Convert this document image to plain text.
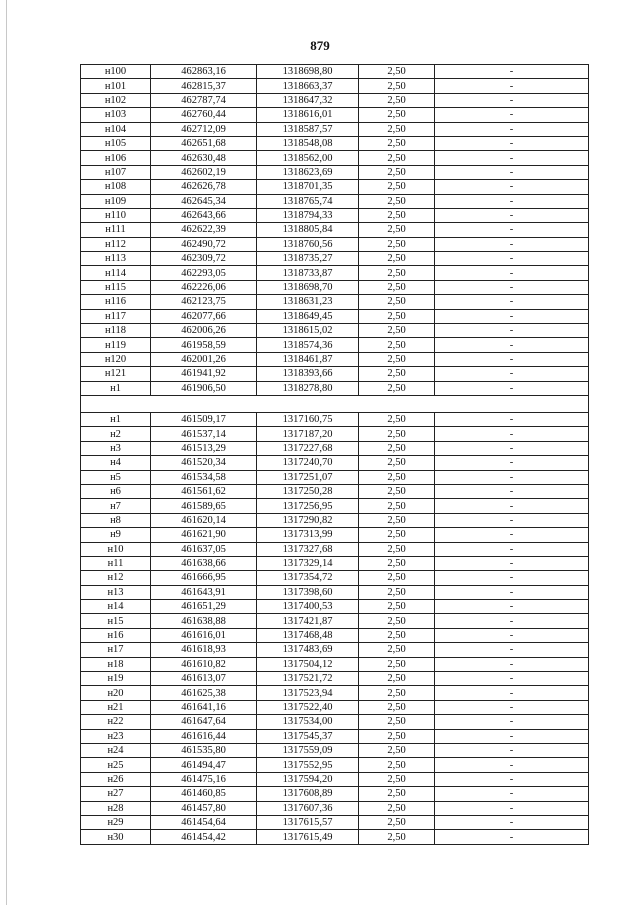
879
н100	462863,16	1318698,80	2,50	-
н101	462815,37	1318663,37	2,50	-
н102	462787,74	1318647,32	2,50	-
н103	462760,44	1318616,01	2,50	-
н104	462712,09	1318587,57	2,50	-
н105	462651,68	1318548,08	2,50	-
н106	462630,48	1318562,00	2,50	-
н107	462602,19	1318623,69	2,50	-
н108	462626,78	1318701,35	2,50	-
н109	462645,34	1318765,74	2,50	-
н110	462643,66	1318794,33	2,50	-
н111	462622,39	1318805,84	2,50	-
н112	462490,72	1318760,56	2,50	-
н113	462309,72	1318735,27	2,50	-
н114	462293,05	1318733,87	2,50	-
н115	462226,06	1318698,70	2,50	-
н116	462123,75	1318631,23	2,50	-
н117	462077,66	1318649,45	2,50	-
н118	462006,26	1318615,02	2,50	-
н119	461958,59	1318574,36	2,50	-
н120	462001,26	1318461,87	2,50	-
н121	461941,92	1318393,66	2,50	-
н1	461906,50	1318278,80	2,50	-

н1	461509,17	1317160,75	2,50	-
н2	461537,14	1317187,20	2,50	-
н3	461513,29	1317227,68	2,50	-
н4	461520,34	1317240,70	2,50	-
н5	461534,58	1317251,07	2,50	-
н6	461561,62	1317250,28	2,50	-
н7	461589,65	1317256,95	2,50	-
н8	461620,14	1317290,82	2,50	-
н9	461621,90	1317313,99	2,50	-
н10	461637,05	1317327,68	2,50	-
н11	461638,66	1317329,14	2,50	-
н12	461666,95	1317354,72	2,50	-
н13	461643,91	1317398,60	2,50	-
н14	461651,29	1317400,53	2,50	-
н15	461638,88	1317421,87	2,50	-
н16	461616,01	1317468,48	2,50	-
н17	461618,93	1317483,69	2,50	-
н18	461610,82	1317504,12	2,50	-
н19	461613,07	1317521,72	2,50	-
н20	461625,38	1317523,94	2,50	-
н21	461641,16	1317522,40	2,50	-
н22	461647,64	1317534,00	2,50	-
н23	461616,44	1317545,37	2,50	-
н24	461535,80	1317559,09	2,50	-
н25	461494,47	1317552,95	2,50	-
н26	461475,16	1317594,20	2,50	-
н27	461460,85	1317608,89	2,50	-
н28	461457,80	1317607,36	2,50	-
н29	461454,64	1317615,57	2,50	-
н30	461454,42	1317615,49	2,50	-
